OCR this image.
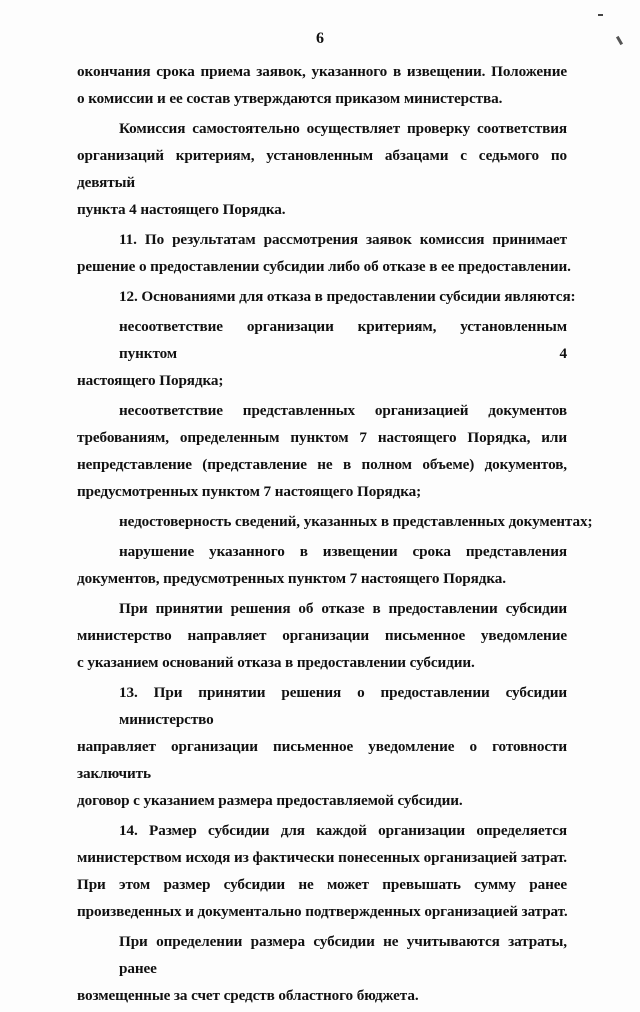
6
окончания срока приема заявок, указанного в извещении. Положение
о комиссии и ее состав утверждаются приказом министерства.
Комиссия самостоятельно осуществляет проверку соответствия
организаций критериям, установленным абзацами с седьмого по девятый
пункта 4 настоящего Порядка.
11. По результатам рассмотрения заявок комиссия принимает
решение о предоставлении субсидии либо об отказе в ее предоставлении.
12. Основаниями для отказа в предоставлении субсидии являются:
несоответствие организации критериям, установленным пунктом 4
настоящего Порядка;
несоответствие представленных организацией документов
требованиям, определенным пунктом 7 настоящего Порядка, или
непредставление (представление не в полном объеме) документов,
предусмотренных пунктом 7 настоящего Порядка;
недостоверность сведений, указанных в представленных документах;
нарушение указанного в извещении срока представления
документов, предусмотренных пунктом 7 настоящего Порядка.
При принятии решения об отказе в предоставлении субсидии
министерство направляет организации письменное уведомление
с указанием оснований отказа в предоставлении субсидии.
13. При принятии решения о предоставлении субсидии министерство
направляет организации письменное уведомление о готовности заключить
договор с указанием размера предоставляемой субсидии.
14. Размер субсидии для каждой организации определяется
министерством исходя из фактически понесенных организацией затрат.
При этом размер субсидии не может превышать сумму ранее
произведенных и документально подтвержденных организацией затрат.
При определении размера субсидии не учитываются затраты, ранее
возмещенные за счет средств областного бюджета.
